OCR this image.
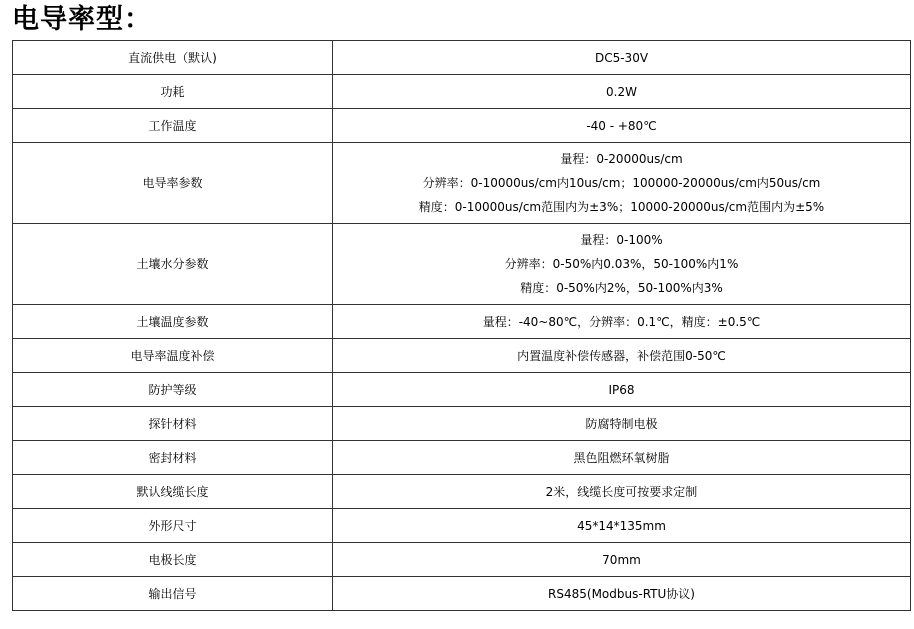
电导率型：
直流供电（默认)	DC5-30V
功耗	0.2W
工作温度	-40 - +80℃
电导率参数	量程：0-20000us/cm
分辨率：0-10000us/cm内10us/cm；100000-20000us/cm内50us/cm
精度：0-10000us/cm范围内为±3%；10000-20000us/cm范围内为±5%

土壤水分参数	量程：0-100%
分辨率：0-50%内0.03%，50-100%内1%
精度：0-50%内2%，50-100%内3%

土壤温度参数	量程：-40~80℃，分辨率：0.1℃，精度：±0.5℃
电导率温度补偿	内置温度补偿传感器，补偿范围0-50℃
防护等级	IP68
探针材料	防腐特制电极
密封材料	黑色阻燃环氧树脂
默认线缆长度	2米，线缆长度可按要求定制
外形尺寸	45*14*135mm
电极长度	70mm
输出信号	RS485(Modbus-RTU协议)
